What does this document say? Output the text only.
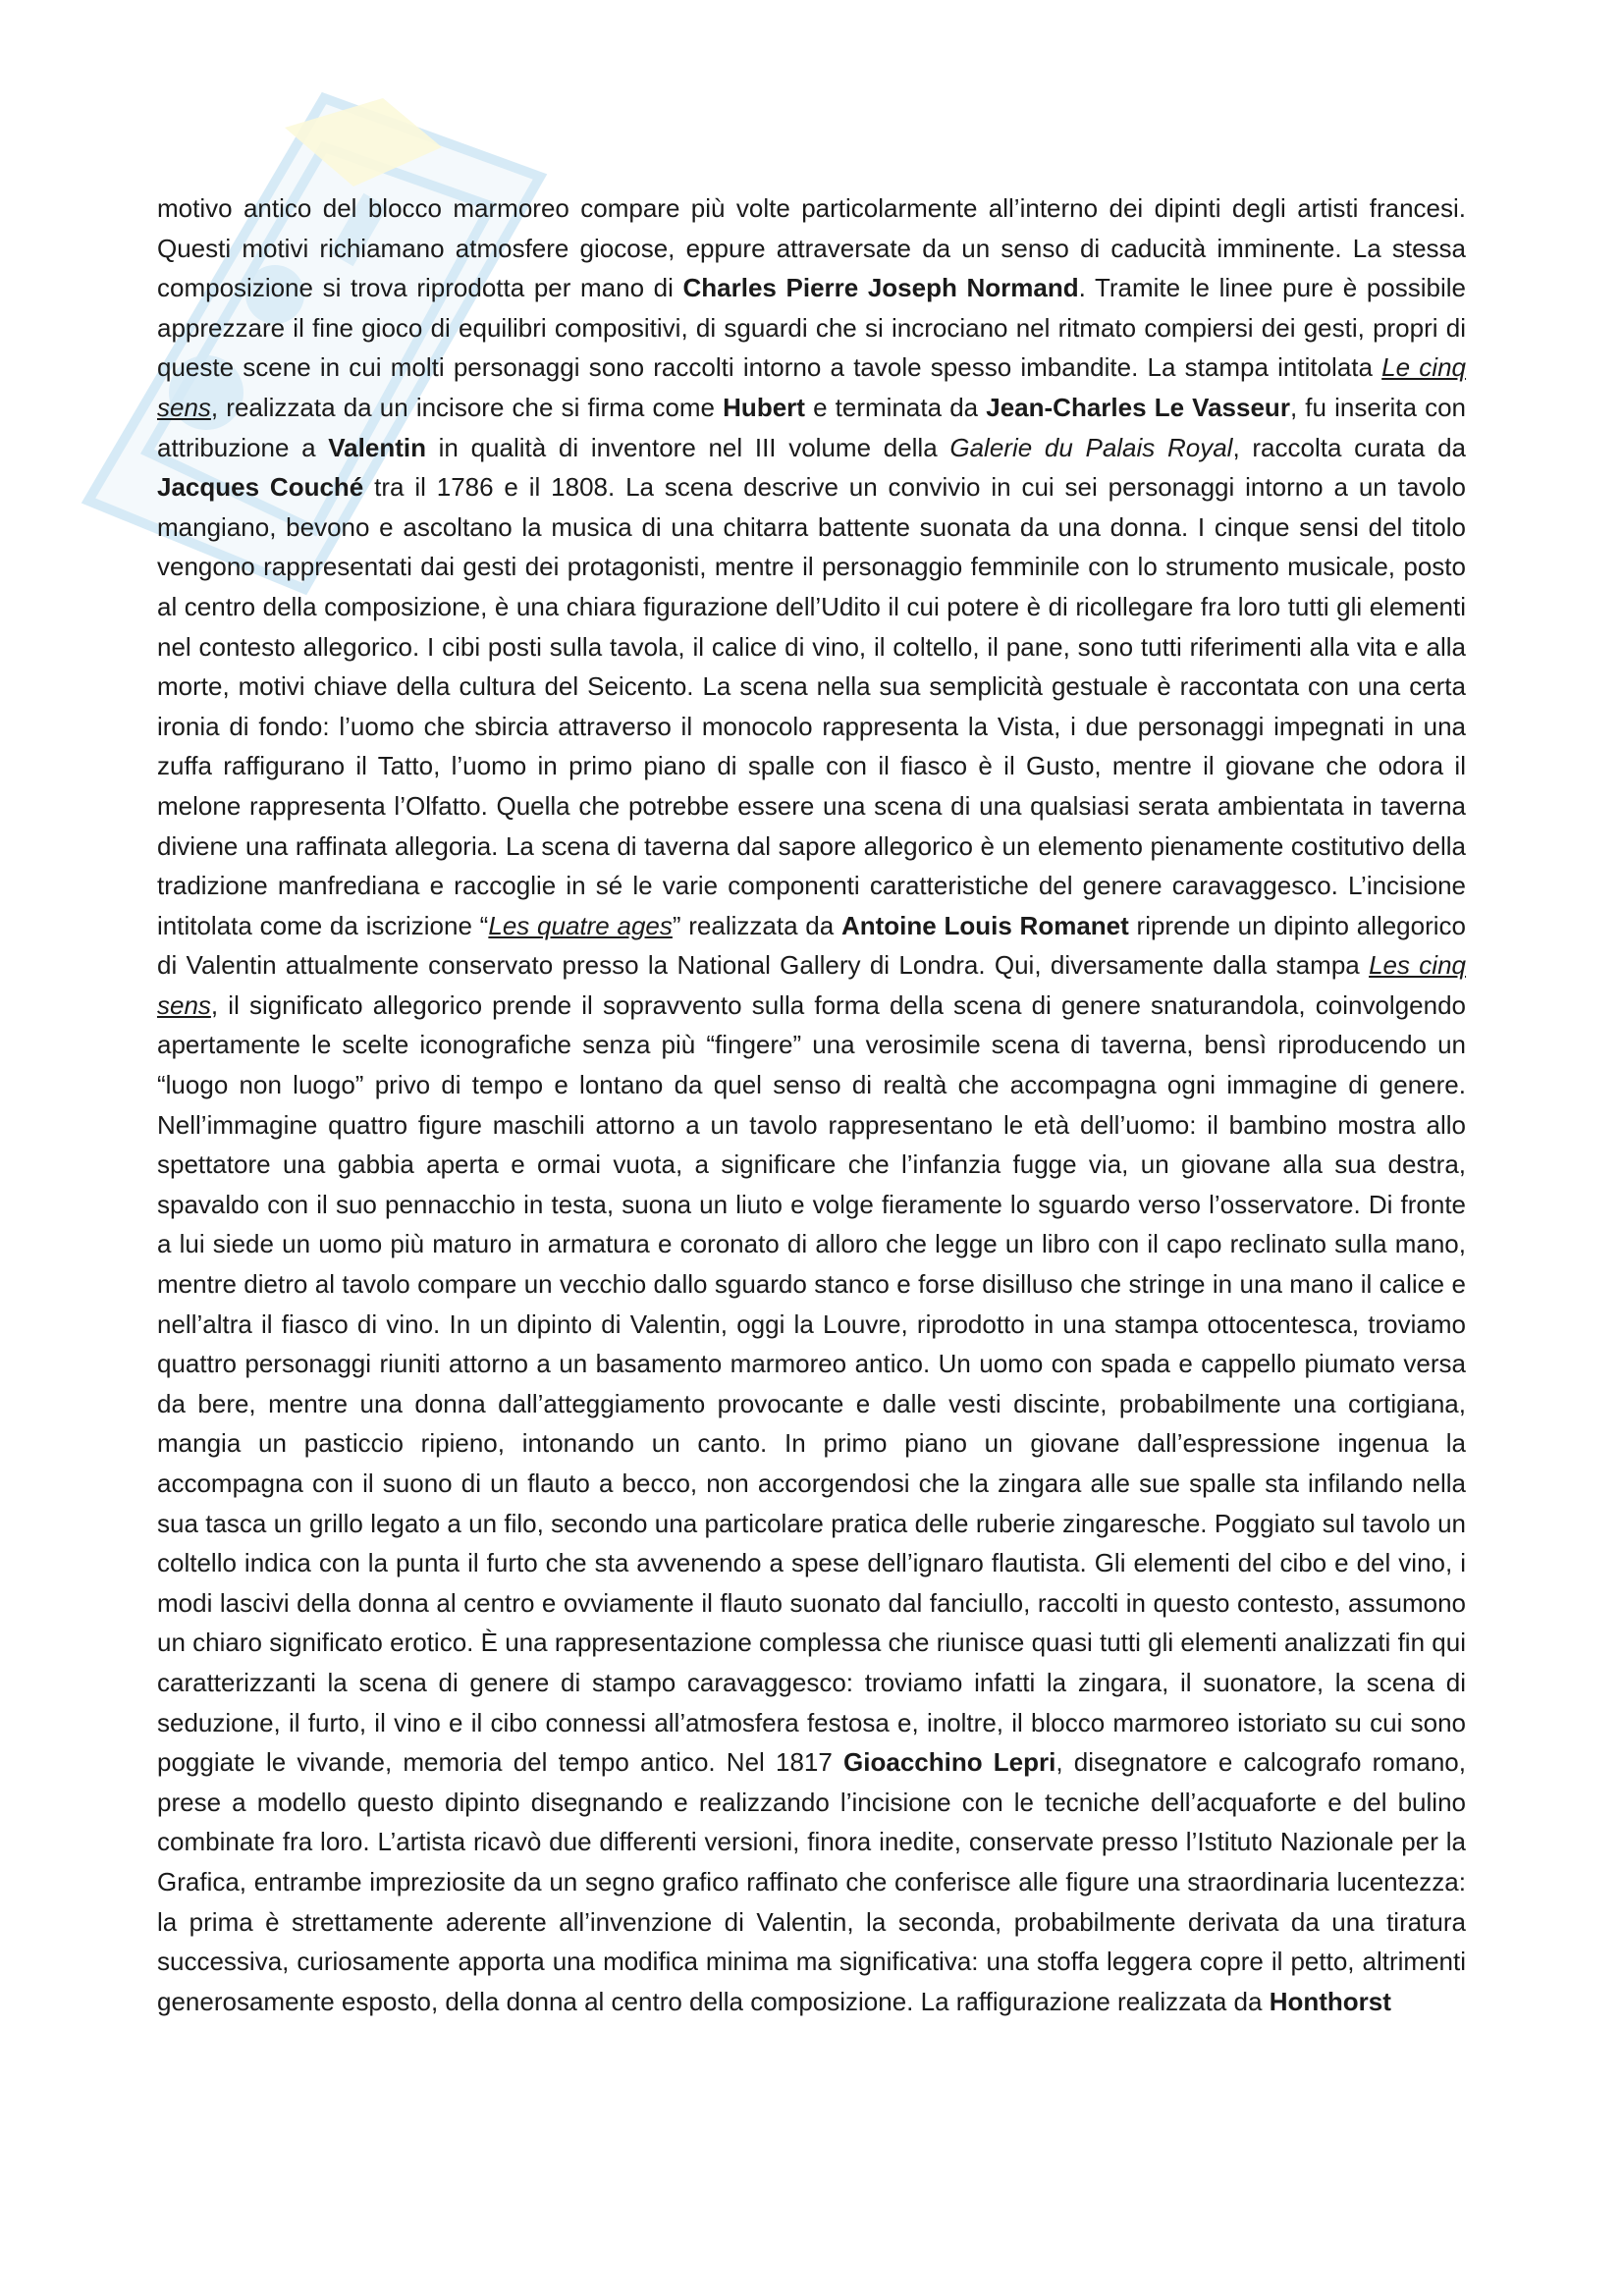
motivo antico del blocco marmoreo compare più volte particolarmente all’interno dei dipinti degli artisti francesi. Questi motivi richiamano atmosfere giocose, eppure attraversate da un senso di caducità imminente. La stessa composizione si trova riprodotta per mano di Charles Pierre Joseph Normand. Tramite le linee pure è possibile apprezzare il fine gioco di equilibri compositivi, di sguardi che si incrociano nel ritmato compiersi dei gesti, propri di queste scene in cui molti personaggi sono raccolti intorno a tavole spesso imbandite. La stampa intitolata Le cinq sens, realizzata da un incisore che si firma come Hubert e terminata da Jean-Charles Le Vasseur, fu inserita con attribuzione a Valentin in qualità di inventore nel III volume della Galerie du Palais Royal, raccolta curata da Jacques Couché tra il 1786 e il 1808. La scena descrive un convivio in cui sei personaggi intorno a un tavolo mangiano, bevono e ascoltano la musica di una chitarra battente suonata da una donna. I cinque sensi del titolo vengono rappresentati dai gesti dei protagonisti, mentre il personaggio femminile con lo strumento musicale, posto al centro della composizione, è una chiara figurazione dell’Udito il cui potere è di ricollegare fra loro tutti gli elementi nel contesto allegorico. I cibi posti sulla tavola, il calice di vino, il coltello, il pane, sono tutti riferimenti alla vita e alla morte, motivi chiave della cultura del Seicento. La scena nella sua semplicità gestuale è raccontata con una certa ironia di fondo: l’uomo che sbircia attraverso il monocolo rappresenta la Vista, i due personaggi impegnati in una zuffa raffigurano il Tatto, l’uomo in primo piano di spalle con il fiasco è il Gusto, mentre il giovane che odora il melone rappresenta l’Olfatto. Quella che potrebbe essere una scena di una qualsiasi serata ambientata in taverna diviene una raffinata allegoria. La scena di taverna dal sapore allegorico è un elemento pienamente costitutivo della tradizione manfrediana e raccoglie in sé le varie componenti caratteristiche del genere caravaggesco. L’incisione intitolata come da iscrizione “Les quatre ages” realizzata da Antoine Louis Romanet riprende un dipinto allegorico di Valentin attualmente conservato presso la National Gallery di Londra. Qui, diversamente dalla stampa Les cinq sens, il significato allegorico prende il sopravvento sulla forma della scena di genere snaturandola, coinvolgendo apertamente le scelte iconografiche senza più “fingere” una verosimile scena di taverna, bensì riproducendo un “luogo non luogo” privo di tempo e lontano da quel senso di realtà che accompagna ogni immagine di genere. Nell’immagine quattro figure maschili attorno a un tavolo rappresentano le età dell’uomo: il bambino mostra allo spettatore una gabbia aperta e ormai vuota, a significare che l’infanzia fugge via, un giovane alla sua destra, spavaldo con il suo pennacchio in testa, suona un liuto e volge fieramente lo sguardo verso l’osservatore. Di fronte a lui siede un uomo più maturo in armatura e coronato di alloro che legge un libro con il capo reclinato sulla mano, mentre dietro al tavolo compare un vecchio dallo sguardo stanco e forse disilluso che stringe in una mano il calice e nell’altra il fiasco di vino. In un dipinto di Valentin, oggi la Louvre, riprodotto in una stampa ottocentesca, troviamo quattro personaggi riuniti attorno a un basamento marmoreo antico. Un uomo con spada e cappello piumato versa da bere, mentre una donna dall’atteggiamento provocante e dalle vesti discinte, probabilmente una cortigiana, mangia un pasticcio ripieno, intonando un canto. In primo piano un giovane dall’espressione ingenua la accompagna con il suono di un flauto a becco, non accorgendosi che la zingara alle sue spalle sta infilando nella sua tasca un grillo legato a un filo, secondo una particolare pratica delle ruberie zingaresche. Poggiato sul tavolo un coltello indica con la punta il furto che sta avvenendo a spese dell’ignaro flautista. Gli elementi del cibo e del vino, i modi lascivi della donna al centro e ovviamente il flauto suonato dal fanciullo, raccolti in questo contesto, assumono un chiaro significato erotico. È una rappresentazione complessa che riunisce quasi tutti gli elementi analizzati fin qui caratterizzanti la scena di genere di stampo caravaggesco: troviamo infatti la zingara, il suonatore, la scena di seduzione, il furto, il vino e il cibo connessi all’atmosfera festosa e, inoltre, il blocco marmoreo istoriato su cui sono poggiate le vivande, memoria del tempo antico. Nel 1817 Gioacchino Lepri, disegnatore e calcografo romano, prese a modello questo dipinto disegnando e realizzando l’incisione con le tecniche dell’acquaforte e del bulino combinate fra loro. L’artista ricavò due differenti versioni, finora inedite, conservate presso l’Istituto Nazionale per la Grafica, entrambe impreziosite da un segno grafico raffinato che conferisce alle figure una straordinaria lucentezza: la prima è strettamente aderente all’invenzione di Valentin, la seconda, probabilmente derivata da una tiratura successiva, curiosamente apporta una modifica minima ma significativa: una stoffa leggera copre il petto, altrimenti generosamente esposto, della donna al centro della composizione. La raffigurazione realizzata da Honthorst
